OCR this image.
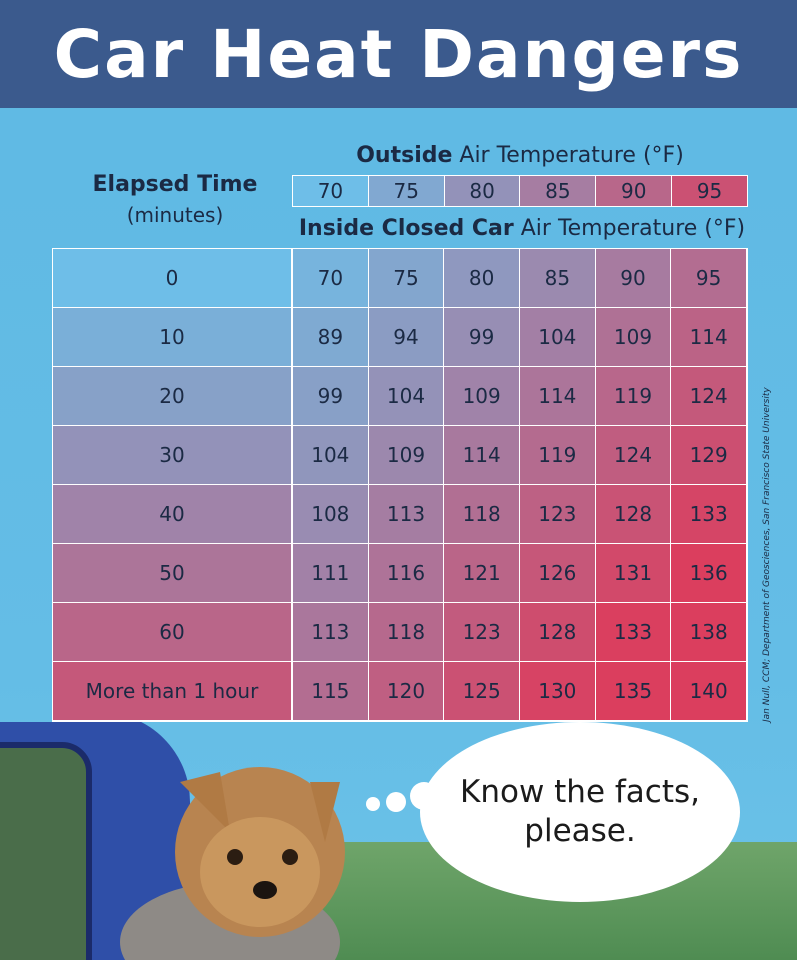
Car Heat Dangers
Elapsed Time
(minutes)
Outside Air Temperature (°F)
70	75	80	85	90	95
Inside Closed Car Air Temperature (°F)
0	70	75	80	85	90	95
10	89	94	99	104	109	114
20	99	104	109	114	119	124
30	104	109	114	119	124	129
40	108	113	118	123	128	133
50	111	116	121	126	131	136
60	113	118	123	128	133	138
More than 1 hour	115	120	125	130	135	140	Jan Null, CCM; Department of Geosciences, San Francisco State University
Know the facts,
please.
